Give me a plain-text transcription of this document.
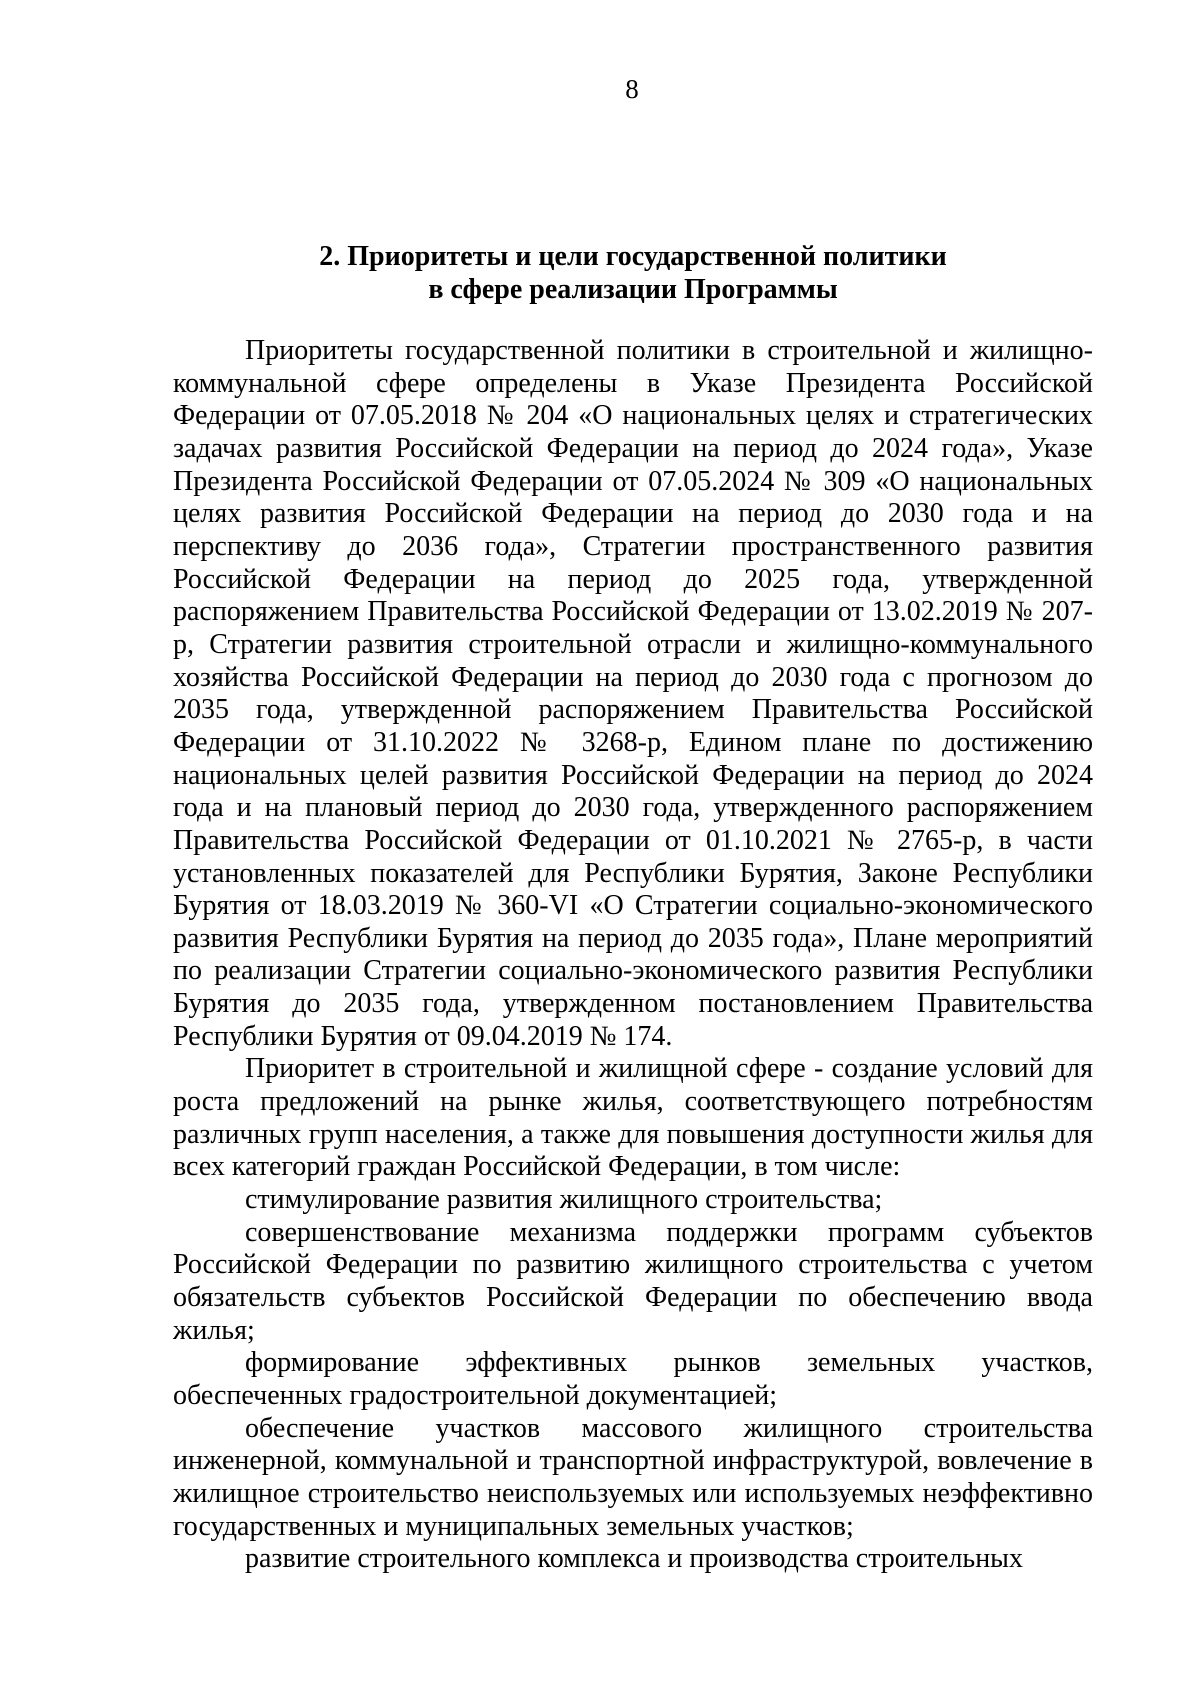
8
2. Приоритеты и цели государственной политики
в сфере реализации Программы

Приоритеты государственной политики в строительной и жилищно-коммунальной сфере определены в Указе Президента Российской Федерации от 07.05.2018 № 204 «О национальных целях и стратегических задачах развития Российской Федерации на период до 2024 года», Указе Президента Российской Федерации от 07.05.2024 № 309 «О национальных целях развития Российской Федерации на период до 2030 года и на перспективу до 2036 года», Стратегии пространственного развития Российской Федерации на период до 2025 года, утвержденной распоряжением Правительства Российской Федерации от 13.02.2019 № 207-р, Стратегии развития строительной отрасли и жилищно-коммунального хозяйства Российской Федерации на период до 2030 года с прогнозом до 2035 года, утвержденной распоряжением Правительства Российской Федерации от 31.10.2022 № 3268-р, Едином плане по достижению национальных целей развития Российской Федерации на период до 2024 года и на плановый период до 2030 года, утвержденного распоряжением Правительства Российской Федерации от 01.10.2021 № 2765-р, в части установленных показателей для Республики Бурятия, Законе Республики Бурятия от 18.03.2019 № 360-VI «О Стратегии социально-экономического развития Республики Бурятия на период до 2035 года», Плане мероприятий по реализации Стратегии социально-экономического развития Республики Бурятия до 2035 года, утвержденном постановлением Правительства Республики Бурятия от 09.04.2019 № 174.

Приоритет в строительной и жилищной сфере - создание условий для роста предложений на рынке жилья, соответствующего потребностям различных групп населения, а также для повышения доступности жилья для всех категорий граждан Российской Федерации, в том числе:

стимулирование развития жилищного строительства;

совершенствование механизма поддержки программ субъектов Российской Федерации по развитию жилищного строительства с учетом обязательств субъектов Российской Федерации по обеспечению ввода жилья;

формирование эффективных рынков земельных участков, обеспеченных градостроительной документацией;

обеспечение участков массового жилищного строительства инженерной, коммунальной и транспортной инфраструктурой, вовлечение в жилищное строительство неиспользуемых или используемых неэффективно государственных и муниципальных земельных участков;

развитие строительного комплекса и производства строительных
